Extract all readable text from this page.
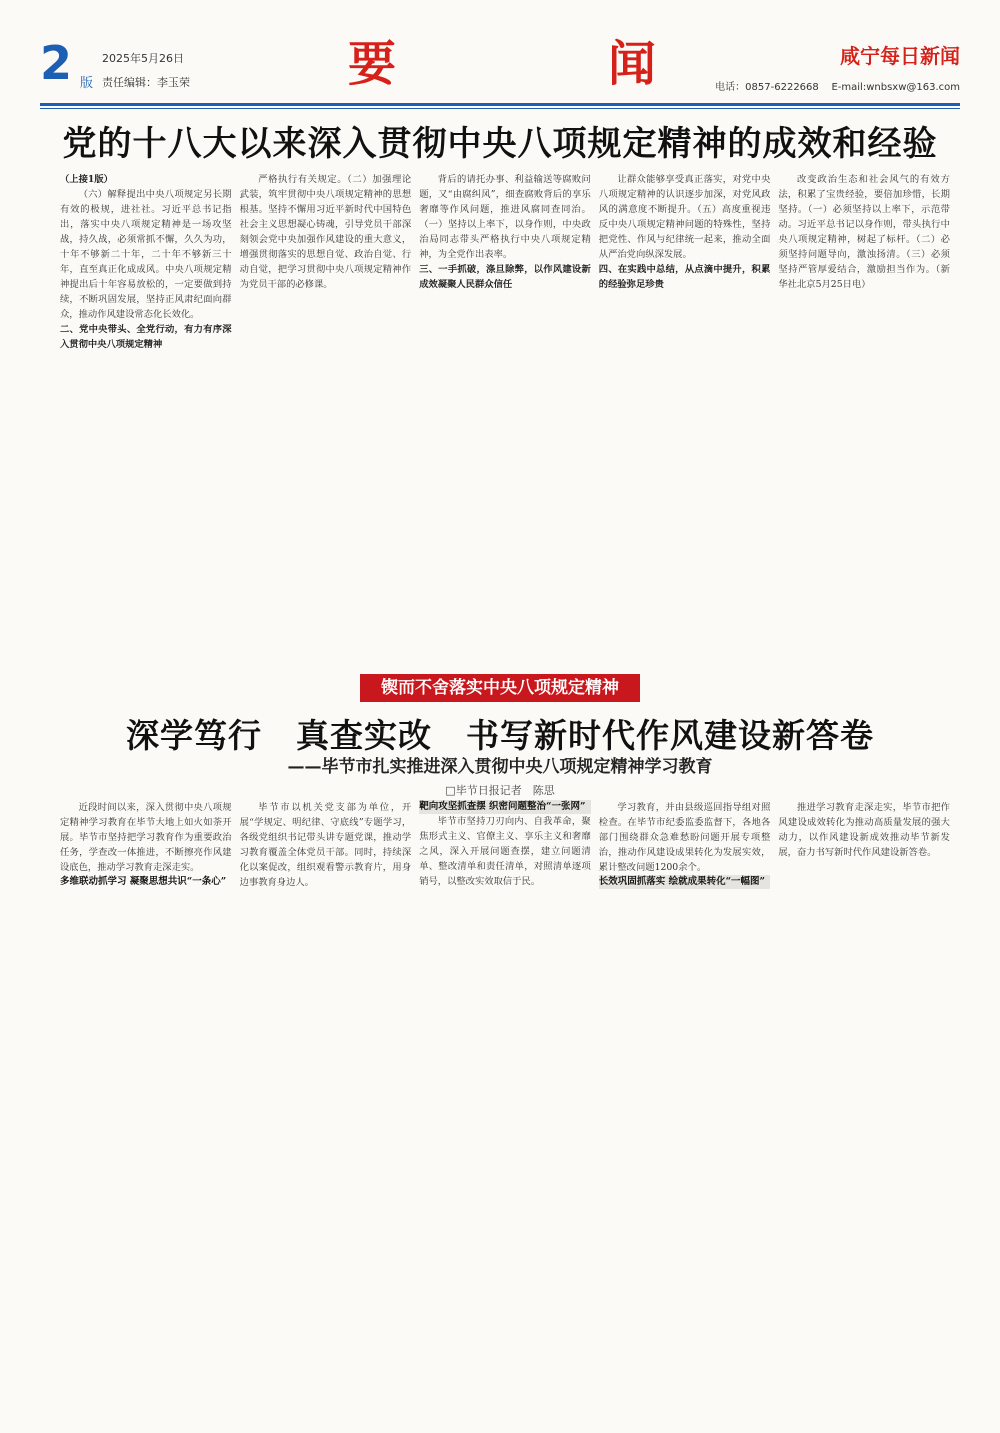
2 版
2025年5月26日
责任编辑：李玉荣	要	闻	咸宁每日新闻
电话：0857-6222668 E-mail:wnbsxw@163.com
党的十八大以来深入贯彻中央八项规定精神的成效和经验

（上接1版）

（六）解释提出中央八项规定另长期有效的极规，进社社。习近平总书记指出，落实中央八项规定精神是一场攻坚战，持久战，必须常抓不懈，久久为功，十年不够新二十年，二十年不够新三十年，直至真正化成成风。中央八项规定精神提出后十年容易放松的，一定要做到持续，不断巩固发展，坚持正风肃纪面向群众，推动作风建设常态化长效化。

二、党中央带头、全党行动，有力有序深入贯彻中央八项规定精神

严格执行有关规定。（二）加强理论武装，筑牢贯彻中央八项规定精神的思想根基。坚持不懈用习近平新时代中国特色社会主义思想凝心铸魂，引导党员干部深刻领会党中央加强作风建设的重大意义，增强贯彻落实的思想自觉、政治自觉、行动自觉，把学习贯彻中央八项规定精神作为党员干部的必修课。

背后的请托办事、利益输送等腐败问题，又“由腐纠风”，细查腐败背后的享乐奢靡等作风问题，推进风腐同查同治。（一）坚持以上率下，以身作则，中央政治局同志带头严格执行中央八项规定精神，为全党作出表率。

三、一手抓破，涤旦除弊，以作风建设新成效凝聚人民群众信任

让群众能够享受真正落实，对党中央八项规定精神的认识逐步加深，对党风政风的满意度不断提升。（五）高度重视违反中央八项规定精神问题的特殊性，坚持把党性、作风与纪律统一起来，推动全面从严治党向纵深发展。

四、在实践中总结，从点滴中提升，积累的经验弥足珍贵

改变政治生态和社会风气的有效方法，积累了宝贵经验，要倍加珍惜，长期坚持。（一）必须坚持以上率下，示范带动。习近平总书记以身作则，带头执行中央八项规定精神，树起了标杆。（二）必须坚持问题导向，激浊扬清。（三）必须坚持严管厚爱结合，激励担当作为。（新华社北京5月25日电）

锲而不舍落实中央八项规定精神
深学笃行　真查实改　书写新时代作风建设新答卷
——毕节市扎实推进深入贯彻中央八项规定精神学习教育
□毕节日报记者　陈思

近段时间以来，深入贯彻中央八项规定精神学习教育在毕节大地上如火如荼开展。毕节市坚持把学习教育作为重要政治任务，学查改一体推进，不断擦亮作风建设底色，推动学习教育走深走实。

多维联动抓学习 凝聚思想共识“一条心”

毕节市以机关党支部为单位，开展“学规定、明纪律、守底线”专题学习，各级党组织书记带头讲专题党课，推动学习教育覆盖全体党员干部。同时，持续深化以案促改，组织观看警示教育片，用身边事教育身边人。

靶向攻坚抓查摆 织密问题整治“一张网”

毕节市坚持刀刃向内、自我革命，聚焦形式主义、官僚主义、享乐主义和奢靡之风，深入开展问题查摆，建立问题清单、整改清单和责任清单，对照清单逐项销号，以整改实效取信于民。

学习教育，并由县级巡回指导组对照检查。在毕节市纪委监委监督下，各地各部门围绕群众急难愁盼问题开展专项整治，推动作风建设成果转化为发展实效，累计整改问题1200余个。

长效巩固抓落实 绘就成果转化“一幅图”

推进学习教育走深走实，毕节市把作风建设成效转化为推动高质量发展的强大动力，以作风建设新成效推动毕节新发展，奋力书写新时代作风建设新答卷。
